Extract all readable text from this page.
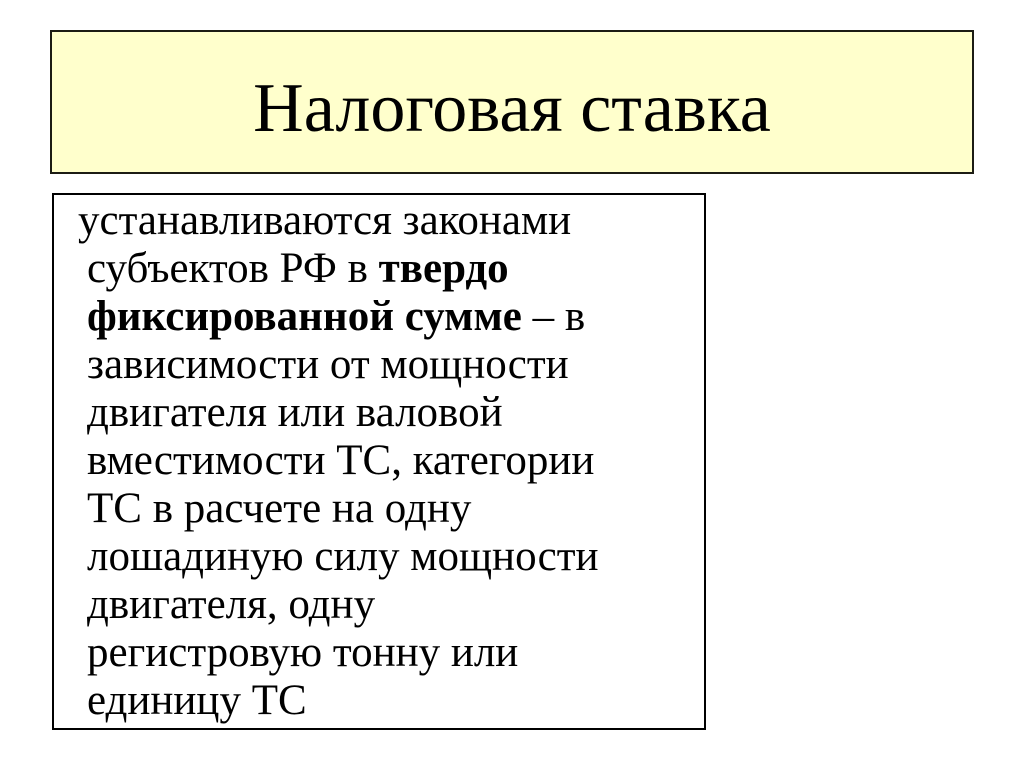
Налоговая ставка
устанавливаются законами
субъектов РФ в твердо
фиксированной сумме – в
зависимости от мощности
двигателя или валовой
вместимости ТС, категории
ТС в расчете на одну
лошадиную силу мощности
двигателя, одну
регистровую тонну или
единицу ТС
